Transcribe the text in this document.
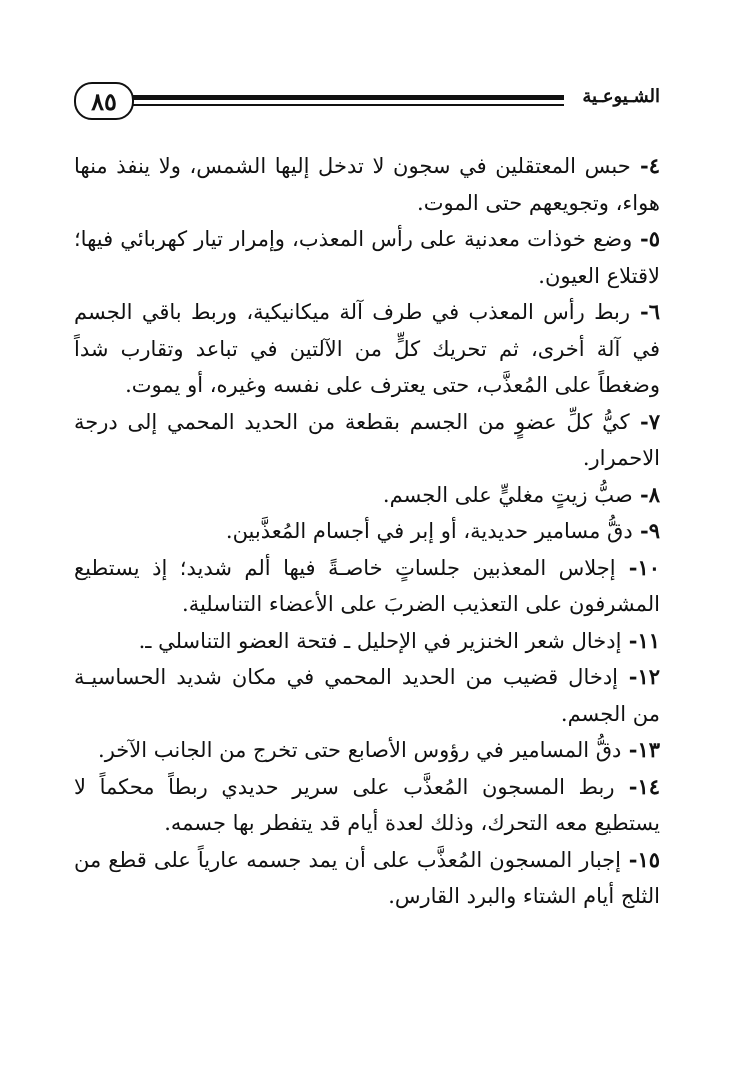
٨٥	الشـيوعـية
٤- حبس المعتقلين في سجون لا تدخل إليها الشمس، ولا ينفذ منها هواء، وتجويعهم حتى الموت.
٥- وضع خوذات معدنية على رأس المعذب، وإمرار تيار كهربائي فيها؛ لاقتلاع العيون.
٦- ربط رأس المعذب في طرف آلة ميكانيكية، وربط باقي الجسم في آلة أخرى، ثم تحريك كلٍّ من الآلتين في تباعد وتقارب شداً وضغطاً على المُعذَّب، حتى يعترف على نفسه وغيره، أو يموت.
٧- كيُّ كلِّ عضوٍ من الجسم بقطعة من الحديد المحمي إلى درجة الاحمرار.
٨- صبُّ زيتٍ مغليٍّ على الجسم.
٩- دقُّ مسامير حديدية، أو إبر في أجسام المُعذَّبين.
١٠- إجلاس المعذبين جلساتٍ خاصـةً فيها ألم شديد؛ إذ يستطيع المشرفون على التعذيب الضربَ على الأعضاء التناسلية.
١١- إدخال شعر الخنزير في الإحليل ـ فتحة العضو التناسلي ـ.
١٢- إدخال قضيب من الحديد المحمي في مكان شديد الحساسيـة من الجسم.
١٣- دقُّ المسامير في رؤوس الأصابع حتى تخرج من الجانب الآخر.
١٤- ربط المسجون المُعذَّب على سرير حديدي ربطاً محكماً لا يستطيع معه التحرك، وذلك لعدة أيام قد يتفطر بها جسمه.
١٥- إجبار المسجون المُعذَّب على أن يمد جسمه عارياً على قطع من الثلج أيام الشتاء والبرد القارس.
